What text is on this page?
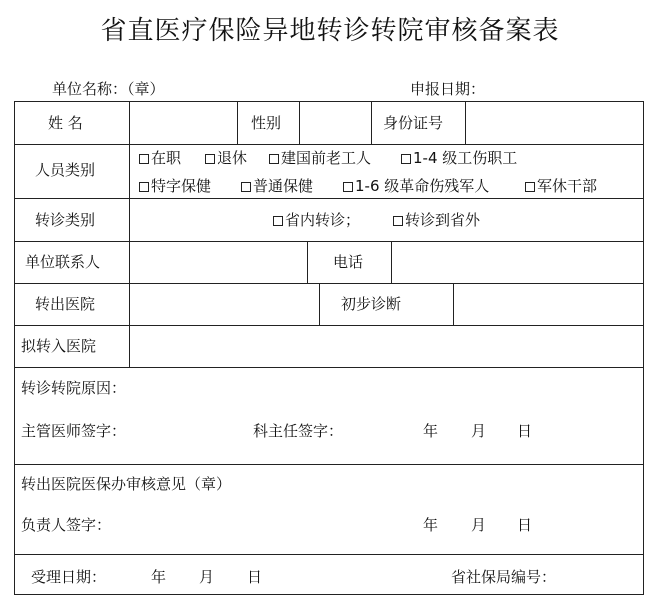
省直医疗保险异地转诊转院审核备案表
单位名称：（章）	申报日期：
姓 名	性别	身份证号
人员类别
在职	退休	建国前老工人	1-4 级工伤职工
特字保健	普通保健	1-6 级革命伤残军人	军休干部
转诊类别	省内转诊；	转诊到省外
单位联系人	电话
转出医院	初步诊断
拟转入医院
转诊转院原因：
主管医师签字：	科主任签字：	年 月 日
转出医院医保办审核意见（章）
负责人签字：	年 月 日
受理日期：	年 月 日	省社保局编号：
